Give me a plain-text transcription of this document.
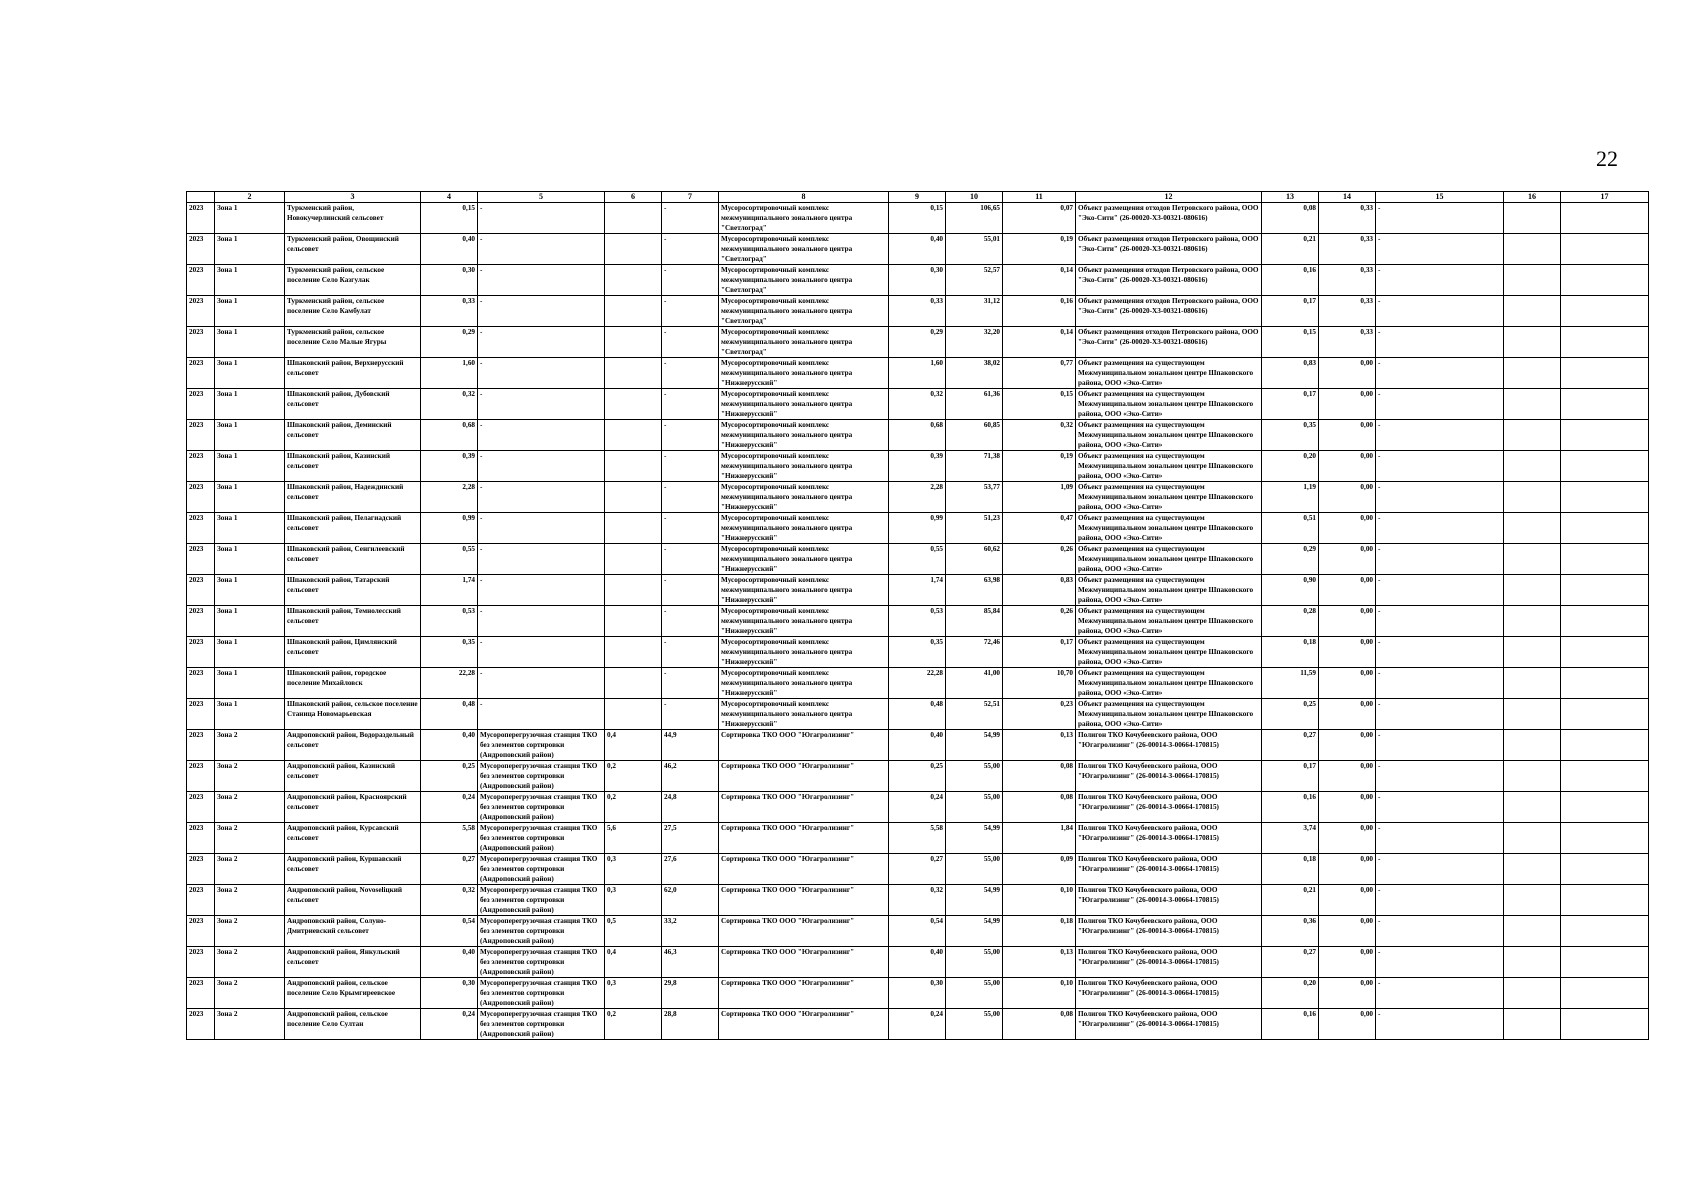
22
	2	3	4	5	6	7	8	9	10	11	12	13	14	15	16	17
2023	Зона 1	Туркменский район, Новокучерлинский сельсовет	0,15	-		-	Мусоросортировочный комплекс межмуниципального зонального центра "Светлоград"	0,15	106,65	0,07	Объект размещения отходов Петровского района, ООО "Эко-Сити" (26-00020-Х3-00321-080616)	0,08	0,33	-		
2023	Зона 1	Туркменский район, Овощинский сельсовет	0,40	-		-	Мусоросортировочный комплекс межмуниципального зонального центра "Светлоград"	0,40	55,01	0,19	Объект размещения отходов Петровского района, ООО "Эко-Сити" (26-00020-Х3-00321-080616)	0,21	0,33	-		
2023	Зона 1	Туркменский район, сельское поселение Село Казгулак	0,30	-		-	Мусоросортировочный комплекс межмуниципального зонального центра "Светлоград"	0,30	52,57	0,14	Объект размещения отходов Петровского района, ООО "Эко-Сити" (26-00020-Х3-00321-080616)	0,16	0,33	-		
2023	Зона 1	Туркменский район, сельское поселение Село Камбулат	0,33	-		-	Мусоросортировочный комплекс межмуниципального зонального центра "Светлоград"	0,33	31,12	0,16	Объект размещения отходов Петровского района, ООО "Эко-Сити" (26-00020-Х3-00321-080616)	0,17	0,33	-		
2023	Зона 1	Туркменский район, сельское поселение Село Малые Ягуры	0,29	-		-	Мусоросортировочный комплекс межмуниципального зонального центра "Светлоград"	0,29	32,20	0,14	Объект размещения отходов Петровского района, ООО "Эко-Сити" (26-00020-Х3-00321-080616)	0,15	0,33	-		
2023	Зона 1	Шпаковский район, Верхнерусский сельсовет	1,60	-		-	Мусоросортировочный комплекс межмуниципального зонального центра "Нижнерусский"	1,60	38,02	0,77	Объект размещения на существующем Межмуниципальном зональном центре Шпаковского района, ООО «Эко-Сити»	0,83	0,00	-		
2023	Зона 1	Шпаковский район, Дубовский сельсовет	0,32	-		-	Мусоросортировочный комплекс межмуниципального зонального центра "Нижнерусский"	0,32	61,36	0,15	Объект размещения на существующем Межмуниципальном зональном центре Шпаковского района, ООО «Эко-Сити»	0,17	0,00	-		
2023	Зона 1	Шпаковский район, Деминский сельсовет	0,68	-		-	Мусоросортировочный комплекс межмуниципального зонального центра "Нижнерусский"	0,68	60,85	0,32	Объект размещения на существующем Межмуниципальном зональном центре Шпаковского района, ООО «Эко-Сити»	0,35	0,00	-		
2023	Зона 1	Шпаковский район, Казинский сельсовет	0,39	-		-	Мусоросортировочный комплекс межмуниципального зонального центра "Нижнерусский"	0,39	71,38	0,19	Объект размещения на существующем Межмуниципальном зональном центре Шпаковского района, ООО «Эко-Сити»	0,20	0,00	-		
2023	Зона 1	Шпаковский район, Надеждинский сельсовет	2,28	-		-	Мусоросортировочный комплекс межмуниципального зонального центра "Нижнерусский"	2,28	53,77	1,09	Объект размещения на существующем Межмуниципальном зональном центре Шпаковского района, ООО «Эко-Сити»	1,19	0,00	-		
2023	Зона 1	Шпаковский район, Пелагиадский сельсовет	0,99	-		-	Мусоросортировочный комплекс межмуниципального зонального центра "Нижнерусский"	0,99	51,23	0,47	Объект размещения на существующем Межмуниципальном зональном центре Шпаковского района, ООО «Эко-Сити»	0,51	0,00	-		
2023	Зона 1	Шпаковский район, Сенгилеевский сельсовет	0,55	-		-	Мусоросортировочный комплекс межмуниципального зонального центра "Нижнерусский"	0,55	60,62	0,26	Объект размещения на существующем Межмуниципальном зональном центре Шпаковского района, ООО «Эко-Сити»	0,29	0,00	-		
2023	Зона 1	Шпаковский район, Татарский сельсовет	1,74	-		-	Мусоросортировочный комплекс межмуниципального зонального центра "Нижнерусский"	1,74	63,98	0,83	Объект размещения на существующем Межмуниципальном зональном центре Шпаковского района, ООО «Эко-Сити»	0,90	0,00	-		
2023	Зона 1	Шпаковский район, Темнолесский сельсовет	0,53	-		-	Мусоросортировочный комплекс межмуниципального зонального центра "Нижнерусский"	0,53	85,84	0,26	Объект размещения на существующем Межмуниципальном зональном центре Шпаковского района, ООО «Эко-Сити»	0,28	0,00	-		
2023	Зона 1	Шпаковский район, Цимлянский сельсовет	0,35	-		-	Мусоросортировочный комплекс межмуниципального зонального центра "Нижнерусский"	0,35	72,46	0,17	Объект размещения на существующем Межмуниципальном зональном центре Шпаковского района, ООО «Эко-Сити»	0,18	0,00	-		
2023	Зона 1	Шпаковский район, городское поселение Михайловск	22,28	-		-	Мусоросортировочный комплекс межмуниципального зонального центра "Нижнерусский"	22,28	41,00	10,70	Объект размещения на существующем Межмуниципальном зональном центре Шпаковского района, ООО «Эко-Сити»	11,59	0,00	-		
2023	Зона 1	Шпаковский район, сельское поселение Станица Новомарьевская	0,48	-		-	Мусоросортировочный комплекс межмуниципального зонального центра "Нижнерусский"	0,48	52,51	0,23	Объект размещения на существующем Межмуниципальном зональном центре Шпаковского района, ООО «Эко-Сити»	0,25	0,00	-		
2023	Зона 2	Андроповский район, Водораздельный сельсовет	0,40	Мусороперегрузочная станция ТКО без элементов сортировки (Андроповский район)	0,4	44,9	Сортировка ТКО ООО "Югагролизинг"	0,40	54,99	0,13	Полигон ТКО Кочубеевского района, ООО "Югагролизинг" (26-00014-З-00664-170815)	0,27	0,00	-		
2023	Зона 2	Андроповский район, Казинский сельсовет	0,25	Мусороперегрузочная станция ТКО без элементов сортировки (Андроповский район)	0,2	46,2	Сортировка ТКО ООО "Югагролизинг"	0,25	55,00	0,08	Полигон ТКО Кочубеевского района, ООО "Югагролизинг" (26-00014-З-00664-170815)	0,17	0,00	-		
2023	Зона 2	Андроповский район, Красноярский сельсовет	0,24	Мусороперегрузочная станция ТКО без элементов сортировки (Андроповский район)	0,2	24,8	Сортировка ТКО ООО "Югагролизинг"	0,24	55,00	0,08	Полигон ТКО Кочубеевского района, ООО "Югагролизинг" (26-00014-З-00664-170815)	0,16	0,00	-		
2023	Зона 2	Андроповский район, Курсавский сельсовет	5,58	Мусороперегрузочная станция ТКО без элементов сортировки (Андроповский район)	5,6	27,5	Сортировка ТКО ООО "Югагролизинг"	5,58	54,99	1,84	Полигон ТКО Кочубеевского района, ООО "Югагролизинг" (26-00014-З-00664-170815)	3,74	0,00	-		
2023	Зона 2	Андроповский район, Куршавский сельсовет	0,27	Мусороперегрузочная станция ТКО без элементов сортировки (Андроповский район)	0,3	27,6	Сортировка ТКО ООО "Югагролизинг"	0,27	55,00	0,09	Полигон ТКО Кочубеевского района, ООО "Югагролизинг" (26-00014-З-00664-170815)	0,18	0,00	-		
2023	Зона 2	Андроповский район, Novoseliцкий сельсовет	0,32	Мусороперегрузочная станция ТКО без элементов сортировки (Андроповский район)	0,3	62,0	Сортировка ТКО ООО "Югагролизинг"	0,32	54,99	0,10	Полигон ТКО Кочубеевского района, ООО "Югагролизинг" (26-00014-З-00664-170815)	0,21	0,00	-		
2023	Зона 2	Андроповский район, Солуно-Дмитриевский сельсовет	0,54	Мусороперегрузочная станция ТКО без элементов сортировки (Андроповский район)	0,5	33,2	Сортировка ТКО ООО "Югагролизинг"	0,54	54,99	0,18	Полигон ТКО Кочубеевского района, ООО "Югагролизинг" (26-00014-З-00664-170815)	0,36	0,00	-		
2023	Зона 2	Андроповский район, Янкульский сельсовет	0,40	Мусороперегрузочная станция ТКО без элементов сортировки (Андроповский район)	0,4	46,3	Сортировка ТКО ООО "Югагролизинг"	0,40	55,00	0,13	Полигон ТКО Кочубеевского района, ООО "Югагролизинг" (26-00014-З-00664-170815)	0,27	0,00	-		
2023	Зона 2	Андроповский район, сельское поселение Село Крымгиреевское	0,30	Мусороперегрузочная станция ТКО без элементов сортировки (Андроповский район)	0,3	29,8	Сортировка ТКО ООО "Югагролизинг"	0,30	55,00	0,10	Полигон ТКО Кочубеевского района, ООО "Югагролизинг" (26-00014-З-00664-170815)	0,20	0,00	-		
2023	Зона 2	Андроповский район, сельское поселение Село Султан	0,24	Мусороперегрузочная станция ТКО без элементов сортировки (Андроповский район)	0,2	28,8	Сортировка ТКО ООО "Югагролизинг"	0,24	55,00	0,08	Полигон ТКО Кочубеевского района, ООО "Югагролизинг" (26-00014-З-00664-170815)	0,16	0,00	-		
